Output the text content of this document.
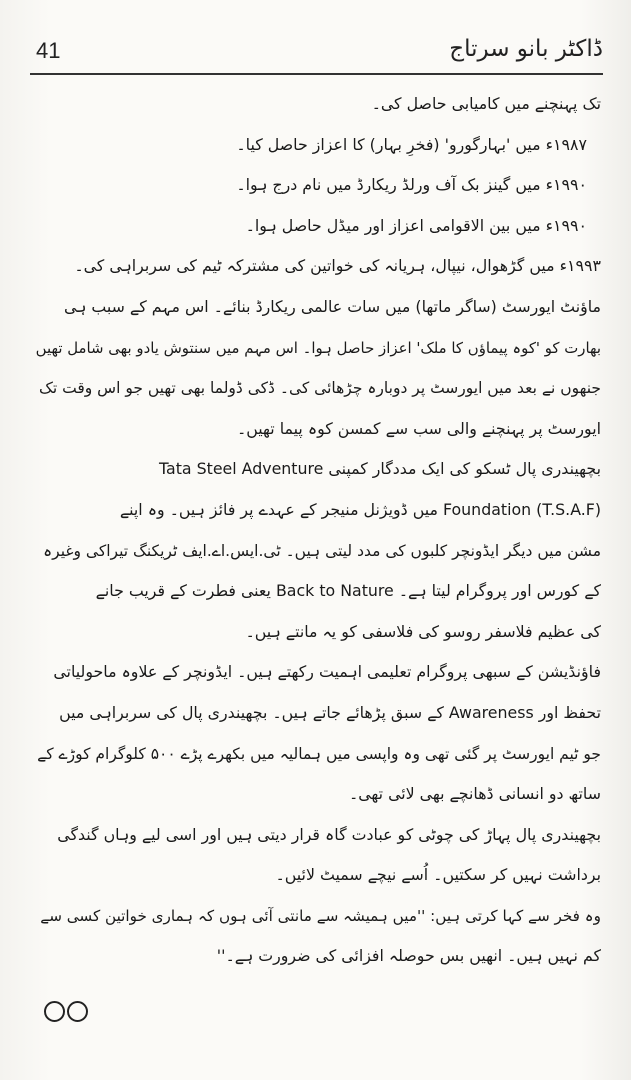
41	ڈاکٹر بانو سرتاج
تک پہنچنے میں کامیابی حاصل کی۔
۱۹۸۷ء میں 'بہارگورو' (فخرِ بہار) کا اعزاز حاصل کیا۔
۱۹۹۰ء میں گینز بک آف ورلڈ ریکارڈ میں نام درج ہوا۔
۱۹۹۰ء میں بین الاقوامی اعزاز اور میڈل حاصل ہوا۔
۱۹۹۳ء میں گڑھوال، نیپال، ہریانہ کی خواتین کی مشترکہ ٹیم کی سربراہی کی۔
ماؤنٹ ایورسٹ (ساگر ماتھا) میں سات عالمی ریکارڈ بنائے۔ اس مہم کے سبب ہی
بھارت کو 'کوہ پیماؤں کا ملک' اعزاز حاصل ہوا۔ اس مہم میں سنتوش یادو بھی شامل تھیں
جنھوں نے بعد میں ایورسٹ پر دوبارہ چڑھائی کی۔ ڈکی ڈولما بھی تھیں جو اس وقت تک
ایورسٹ پر پہنچنے والی سب سے کمسن کوہ پیما تھیں۔
بچھیندری پال ٹسکو کی ایک مددگار کمپنی Tata Steel Adventure
Foundation (T.S.A.F) میں ڈویژنل منیجر کے عہدے پر فائز ہیں۔ وہ اپنے
مشن میں دیگر ایڈونچر کلبوں کی مدد لیتی ہیں۔ ٹی.ایس.اے.ایف ٹریکنگ تیراکی وغیرہ
کے کورس اور پروگرام لیتا ہے۔ Back to Nature یعنی فطرت کے قریب جانے
کی عظیم فلاسفر روسو کی فلاسفی کو یہ مانتے ہیں۔
فاؤنڈیشن کے سبھی پروگرام تعلیمی اہمیت رکھتے ہیں۔ ایڈونچر کے علاوہ ماحولیاتی
تحفظ اور Awareness کے سبق پڑھائے جاتے ہیں۔ بچھیندری پال کی سربراہی میں
جو ٹیم ایورسٹ پر گئی تھی وہ واپسی میں ہمالیہ میں بکھرے پڑے ۵۰۰ کلوگرام کوڑے کے
ساتھ دو انسانی ڈھانچے بھی لائی تھی۔
بچھیندری پال پہاڑ کی چوٹی کو عبادت گاہ قرار دیتی ہیں اور اسی لیے وہاں گندگی
برداشت نہیں کر سکتیں۔ اُسے نیچے سمیٹ لائیں۔
وہ فخر سے کہا کرتی ہیں: ''میں ہمیشہ سے مانتی آئی ہوں کہ ہماری خواتین کسی سے
کم نہیں ہیں۔ انھیں بس حوصلہ افزائی کی ضرورت ہے۔''
